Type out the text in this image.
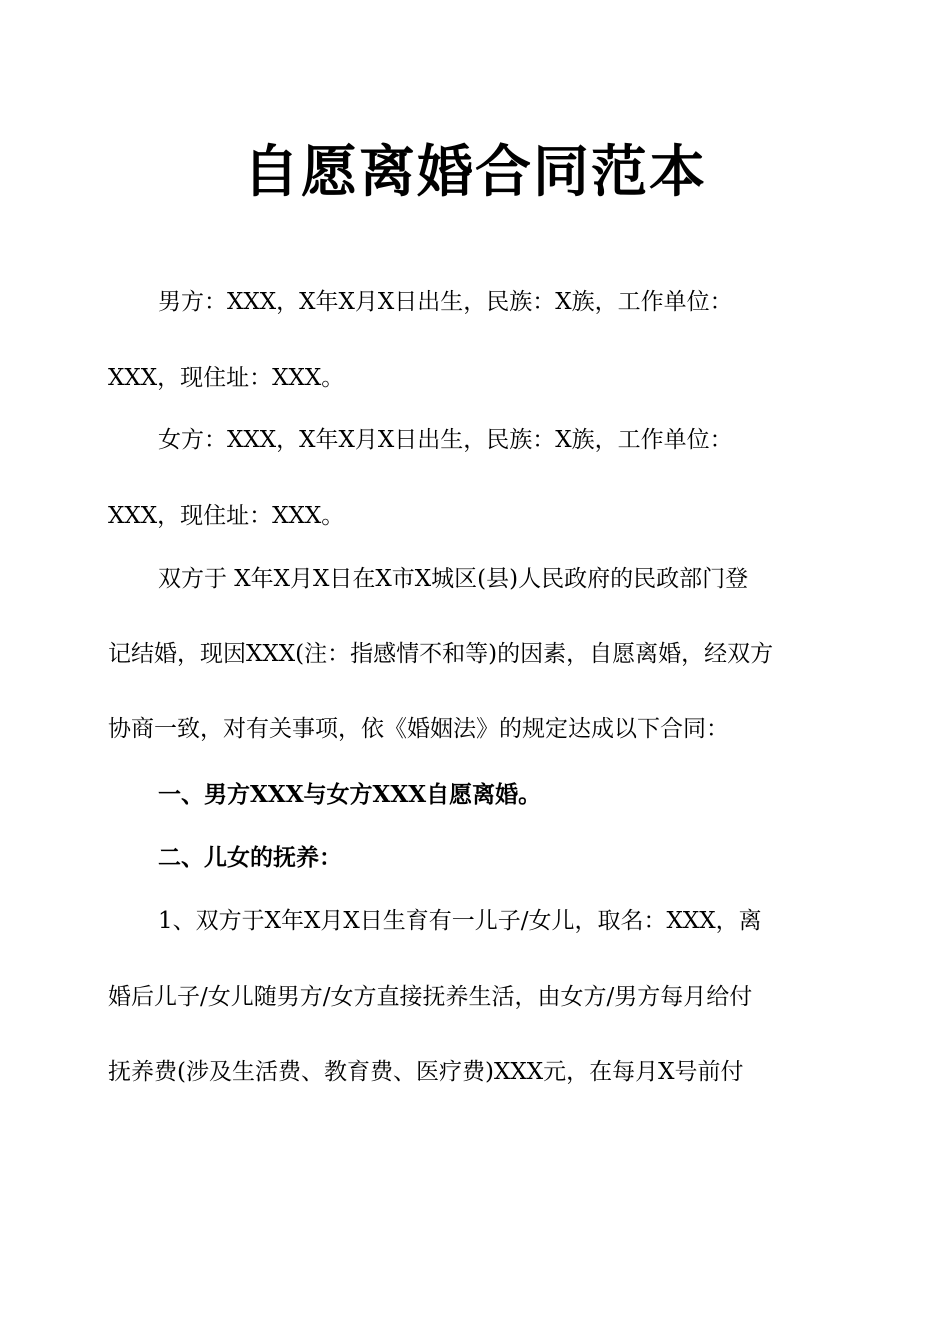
自愿离婚合同范本
男方：XXX，X年X月X日出生，民族：X族，工作单位：
XXX，现住址：XXX。
女方：XXX，X年X月X日出生，民族：X族，工作单位：
XXX，现住址：XXX。
双方于 X年X月X日在X市X城区(县)人民政府的民政部门登
记结婚，现因XXX(注：指感情不和等)的因素，自愿离婚，经双方
协商一致，对有关事项，依《婚姻法》的规定达成以下合同：
一、男方XXX与女方XXX自愿离婚。
二、儿女的抚养：
1、双方于X年X月X日生育有一儿子/女儿，取名：XXX，离
婚后儿子/女儿随男方/女方直接抚养生活，由女方/男方每月给付
抚养费(涉及生活费、教育费、医疗费)XXX元，在每月X号前付
